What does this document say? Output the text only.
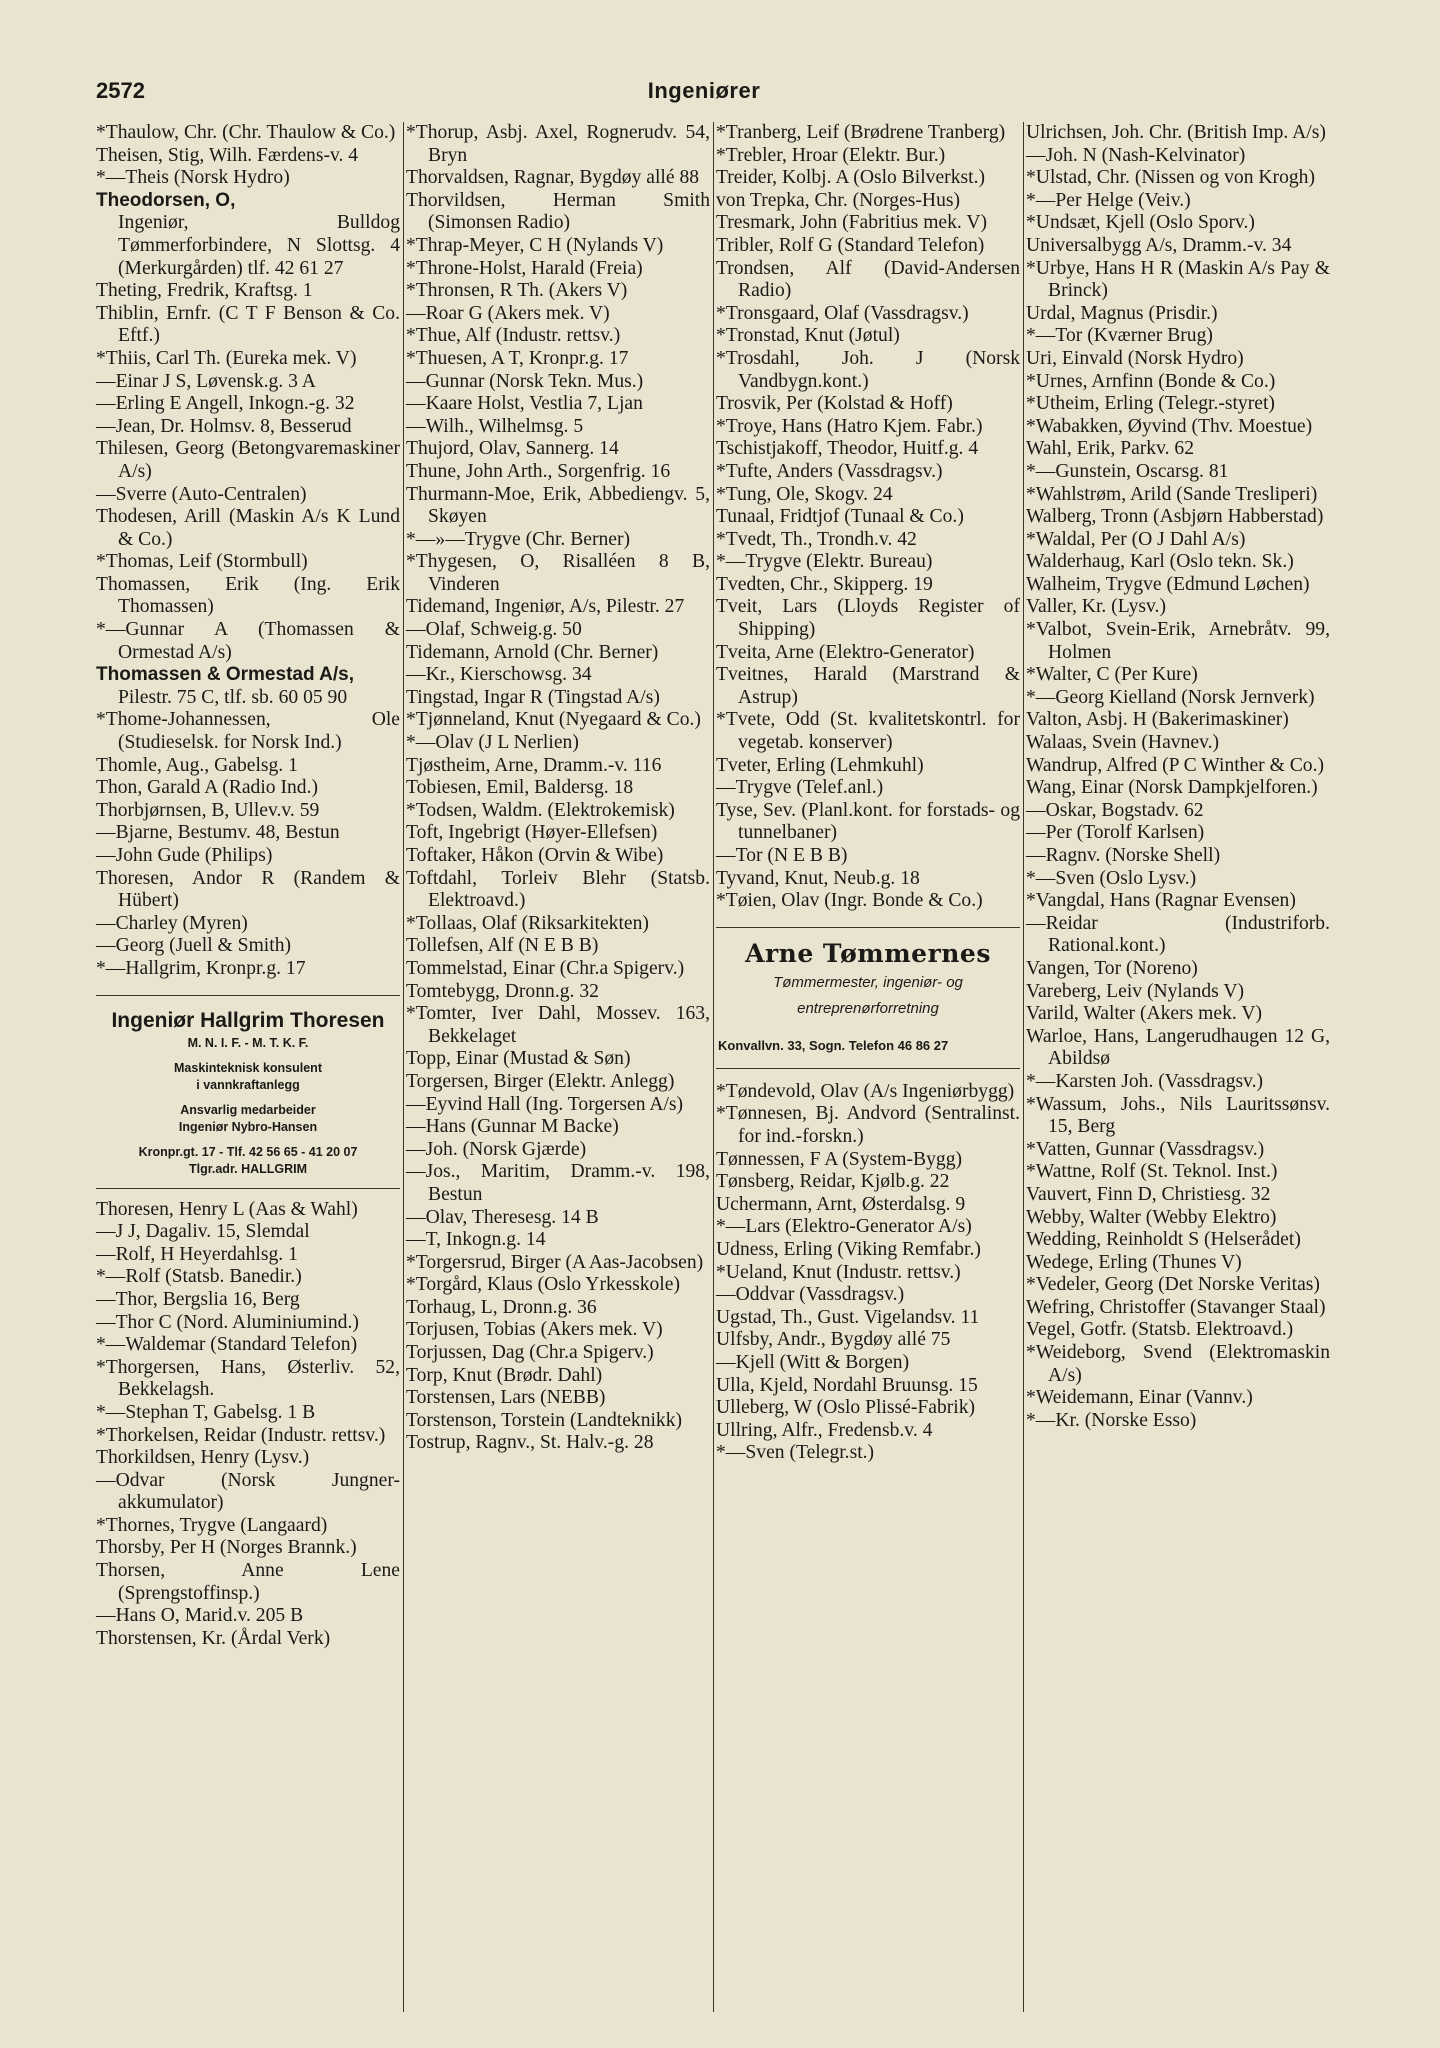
2572	Ingeniører

*Thaulow, Chr. (Chr. Thaulow & Co.)

Theisen, Stig, Wilh. Færdens-v. 4

*—Theis (Norsk Hydro)

Theodorsen, O,

Ingeniør, Bulldog Tømmerforbindere, N Slottsg. 4 (Merkurgården) tlf. 42 61 27

Theting, Fredrik, Kraftsg. 1

Thiblin, Ernfr. (C T F Benson & Co. Eftf.)

*Thiis, Carl Th. (Eureka mek. V)

—Einar J S, Løvensk.g. 3 A

—Erling E Angell, Inkogn.-g. 32

—Jean, Dr. Holmsv. 8, Besserud

Thilesen, Georg (Betongvaremaskiner A/s)

—Sverre (Auto-Centralen)

Thodesen, Arill (Maskin A/s K Lund & Co.)

*Thomas, Leif (Stormbull)

Thomassen, Erik (Ing. Erik Thomassen)

*—Gunnar A (Thomassen & Ormestad A/s)

Thomassen & Ormestad A/s,

Pilestr. 75 C, tlf. sb. 60 05 90

*Thome-Johannessen, Ole (Studieselsk. for Norsk Ind.)

Thomle, Aug., Gabelsg. 1

Thon, Garald A (Radio Ind.)

Thorbjørnsen, B, Ullev.v. 59

—Bjarne, Bestumv. 48, Bestun

—John Gude (Philips)

Thoresen, Andor R (Randem & Hübert)

—Charley (Myren)

—Georg (Juell & Smith)

*—Hallgrim, Kronpr.g. 17

Ingeniør Hallgrim Thoresen
M. N. I. F. - M. T. K. F.
Maskinteknisk konsulent
i vannkraftanlegg
Ansvarlig medarbeider
Ingeniør Nybro-Hansen
Kronpr.gt. 17 - Tlf. 42 56 65 - 41 20 07
Tlgr.adr. HALLGRIM

Thoresen, Henry L (Aas & Wahl)

—J J, Dagaliv. 15, Slemdal

—Rolf, H Heyerdahlsg. 1

*—Rolf (Statsb. Banedir.)

—Thor, Bergslia 16, Berg

—Thor C (Nord. Aluminiumind.)

*—Waldemar (Standard Telefon)

*Thorgersen, Hans, Østerliv. 52, Bekkelagsh.

*—Stephan T, Gabelsg. 1 B

*Thorkelsen, Reidar (Industr. rettsv.)

Thorkildsen, Henry (Lysv.)

—Odvar (Norsk Jungner-akkumulator)

*Thornes, Trygve (Langaard)

Thorsby, Per H (Norges Brannk.)

Thorsen, Anne Lene (Sprengstoffinsp.)

—Hans O, Marid.v. 205 B

Thorstensen, Kr. (Årdal Verk)

*Thorup, Asbj. Axel, Rognerudv. 54, Bryn

Thorvaldsen, Ragnar, Bygdøy allé 88

Thorvildsen, Herman Smith (Simonsen Radio)

*Thrap-Meyer, C H (Nylands V)

*Throne-Holst, Harald (Freia)

*Thronsen, R Th. (Akers V)

—Roar G (Akers mek. V)

*Thue, Alf (Industr. rettsv.)

*Thuesen, A T, Kronpr.g. 17

—Gunnar (Norsk Tekn. Mus.)

—Kaare Holst, Vestlia 7, Ljan

—Wilh., Wilhelmsg. 5

Thujord, Olav, Sannerg. 14

Thune, John Arth., Sorgenfrig. 16

Thurmann-Moe, Erik, Abbediengv. 5, Skøyen

*—»—Trygve (Chr. Berner)

*Thygesen, O, Risalléen 8 B, Vinderen

Tidemand, Ingeniør, A/s, Pilestr. 27

—Olaf, Schweig.g. 50

Tidemann, Arnold (Chr. Berner)

—Kr., Kierschowsg. 34

Tingstad, Ingar R (Tingstad A/s)

*Tjønneland, Knut (Nyegaard & Co.)

*—Olav (J L Nerlien)

Tjøstheim, Arne, Dramm.-v. 116

Tobiesen, Emil, Baldersg. 18

*Todsen, Waldm. (Elektrokemisk)

Toft, Ingebrigt (Høyer-Ellefsen)

Toftaker, Håkon (Orvin & Wibe)

Toftdahl, Torleiv Blehr (Statsb. Elektroavd.)

*Tollaas, Olaf (Riksarkitekten)

Tollefsen, Alf (N E B B)

Tommelstad, Einar (Chr.a Spigerv.)

Tomtebygg, Dronn.g. 32

*Tomter, Iver Dahl, Mossev. 163, Bekkelaget

Topp, Einar (Mustad & Søn)

Torgersen, Birger (Elektr. Anlegg)

—Eyvind Hall (Ing. Torgersen A/s)

—Hans (Gunnar M Backe)

—Joh. (Norsk Gjærde)

—Jos., Maritim, Dramm.-v. 198, Bestun

—Olav, Theresesg. 14 B

—T, Inkogn.g. 14

*Torgersrud, Birger (A Aas-Jacobsen)

*Torgård, Klaus (Oslo Yrkesskole)

Torhaug, L, Dronn.g. 36

Torjusen, Tobias (Akers mek. V)

Torjussen, Dag (Chr.a Spigerv.)

Torp, Knut (Brødr. Dahl)

Torstensen, Lars (NEBB)

Torstenson, Torstein (Landteknikk)

Tostrup, Ragnv., St. Halv.-g. 28

*Tranberg, Leif (Brødrene Tranberg)

*Trebler, Hroar (Elektr. Bur.)

Treider, Kolbj. A (Oslo Bilverkst.)

von Trepka, Chr. (Norges-Hus)

Tresmark, John (Fabritius mek. V)

Tribler, Rolf G (Standard Telefon)

Trondsen, Alf (David-Andersen Radio)

*Tronsgaard, Olaf (Vassdragsv.)

*Tronstad, Knut (Jøtul)

*Trosdahl, Joh. J (Norsk Vandbygn.kont.)

Trosvik, Per (Kolstad & Hoff)

*Troye, Hans (Hatro Kjem. Fabr.)

Tschistjakoff, Theodor, Huitf.g. 4

*Tufte, Anders (Vassdragsv.)

*Tung, Ole, Skogv. 24

Tunaal, Fridtjof (Tunaal & Co.)

*Tvedt, Th., Trondh.v. 42

*—Trygve (Elektr. Bureau)

Tvedten, Chr., Skipperg. 19

Tveit, Lars (Lloyds Register of Shipping)

Tveita, Arne (Elektro-Generator)

Tveitnes, Harald (Marstrand & Astrup)

*Tvete, Odd (St. kvalitetskontrl. for vegetab. konserver)

Tveter, Erling (Lehmkuhl)

—Trygve (Telef.anl.)

Tyse, Sev. (Planl.kont. for forstads- og tunnelbaner)

—Tor (N E B B)

Tyvand, Knut, Neub.g. 18

*Tøien, Olav (Ingr. Bonde & Co.)

Arne Tømmernes
Tømmermester, ingeniør- og
entreprenørforretning
Konvallvn. 33, Sogn. Telefon 46 86 27

*Tøndevold, Olav (A/s Ingeniørbygg)

*Tønnesen, Bj. Andvord (Sentralinst. for ind.-forskn.)

Tønnessen, F A (System-Bygg)

Tønsberg, Reidar, Kjølb.g. 22

Uchermann, Arnt, Østerdalsg. 9

*—Lars (Elektro-Generator A/s)

Udness, Erling (Viking Remfabr.)

*Ueland, Knut (Industr. rettsv.)

—Oddvar (Vassdragsv.)

Ugstad, Th., Gust. Vigelandsv. 11

Ulfsby, Andr., Bygdøy allé 75

—Kjell (Witt & Borgen)

Ulla, Kjeld, Nordahl Bruunsg. 15

Ulleberg, W (Oslo Plissé-Fabrik)

Ullring, Alfr., Fredensb.v. 4

*—Sven (Telegr.st.)

Ulrichsen, Joh. Chr. (British Imp. A/s)

—Joh. N (Nash-Kelvinator)

*Ulstad, Chr. (Nissen og von Krogh)

*—Per Helge (Veiv.)

*Undsæt, Kjell (Oslo Sporv.)

Universalbygg A/s, Dramm.-v. 34

*Urbye, Hans H R (Maskin A/s Pay & Brinck)

Urdal, Magnus (Prisdir.)

*—Tor (Kværner Brug)

Uri, Einvald (Norsk Hydro)

*Urnes, Arnfinn (Bonde & Co.)

*Utheim, Erling (Telegr.-styret)

*Wabakken, Øyvind (Thv. Moestue)

Wahl, Erik, Parkv. 62

*—Gunstein, Oscarsg. 81

*Wahlstrøm, Arild (Sande Tresliperi)

Walberg, Tronn (Asbjørn Habberstad)

*Waldal, Per (O J Dahl A/s)

Walderhaug, Karl (Oslo tekn. Sk.)

Walheim, Trygve (Edmund Løchen)

Valler, Kr. (Lysv.)

*Valbot, Svein-Erik, Arnebråtv. 99, Holmen

*Walter, C (Per Kure)

*—Georg Kielland (Norsk Jernverk)

Valton, Asbj. H (Bakerimaskiner)

Walaas, Svein (Havnev.)

Wandrup, Alfred (P C Winther & Co.)

Wang, Einar (Norsk Dampkjelforen.)

—Oskar, Bogstadv. 62

—Per (Torolf Karlsen)

—Ragnv. (Norske Shell)

*—Sven (Oslo Lysv.)

*Vangdal, Hans (Ragnar Evensen)

—Reidar (Industriforb. Rational.kont.)

Vangen, Tor (Noreno)

Vareberg, Leiv (Nylands V)

Varild, Walter (Akers mek. V)

Warloe, Hans, Langerudhaugen 12 G, Abildsø

*—Karsten Joh. (Vassdragsv.)

*Wassum, Johs., Nils Lauritssønsv. 15, Berg

*Vatten, Gunnar (Vassdragsv.)

*Wattne, Rolf (St. Teknol. Inst.)

Vauvert, Finn D, Christiesg. 32

Webby, Walter (Webby Elektro)

Wedding, Reinholdt S (Helserådet)

Wedege, Erling (Thunes V)

*Vedeler, Georg (Det Norske Veritas)

Wefring, Christoffer (Stavanger Staal)

Vegel, Gotfr. (Statsb. Elektroavd.)

*Weideborg, Svend (Elektromaskin A/s)

*Weidemann, Einar (Vannv.)

*—Kr. (Norske Esso)
